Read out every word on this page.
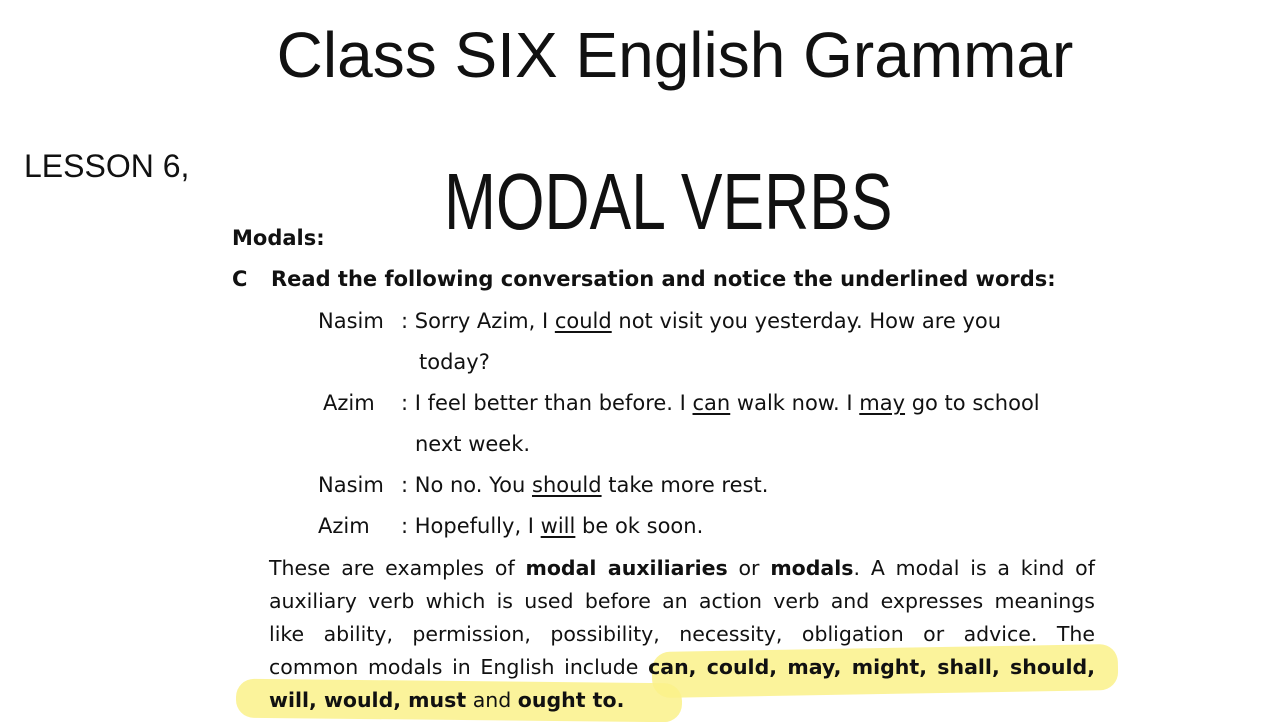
Class SIX English Grammar
LESSON 6,	MODAL VERBS
Modals:
C Read the following conversation and notice the underlined words:
Nasim : Sorry Azim, I could not visit you yesterday. How are you
today?
Azim : I feel better than before. I can walk now. I may go to school
next week.
Nasim : No no. You should take more rest.
Azim : Hopefully, I will be ok soon.
These are examples of modal auxiliaries or modals. A modal is a kind of
auxiliary verb which is used before an action verb and expresses meanings
like ability, permission, possibility, necessity, obligation or advice. The
common modals in English include can, could, may, might, shall, should,
will, would, must and ought to.
